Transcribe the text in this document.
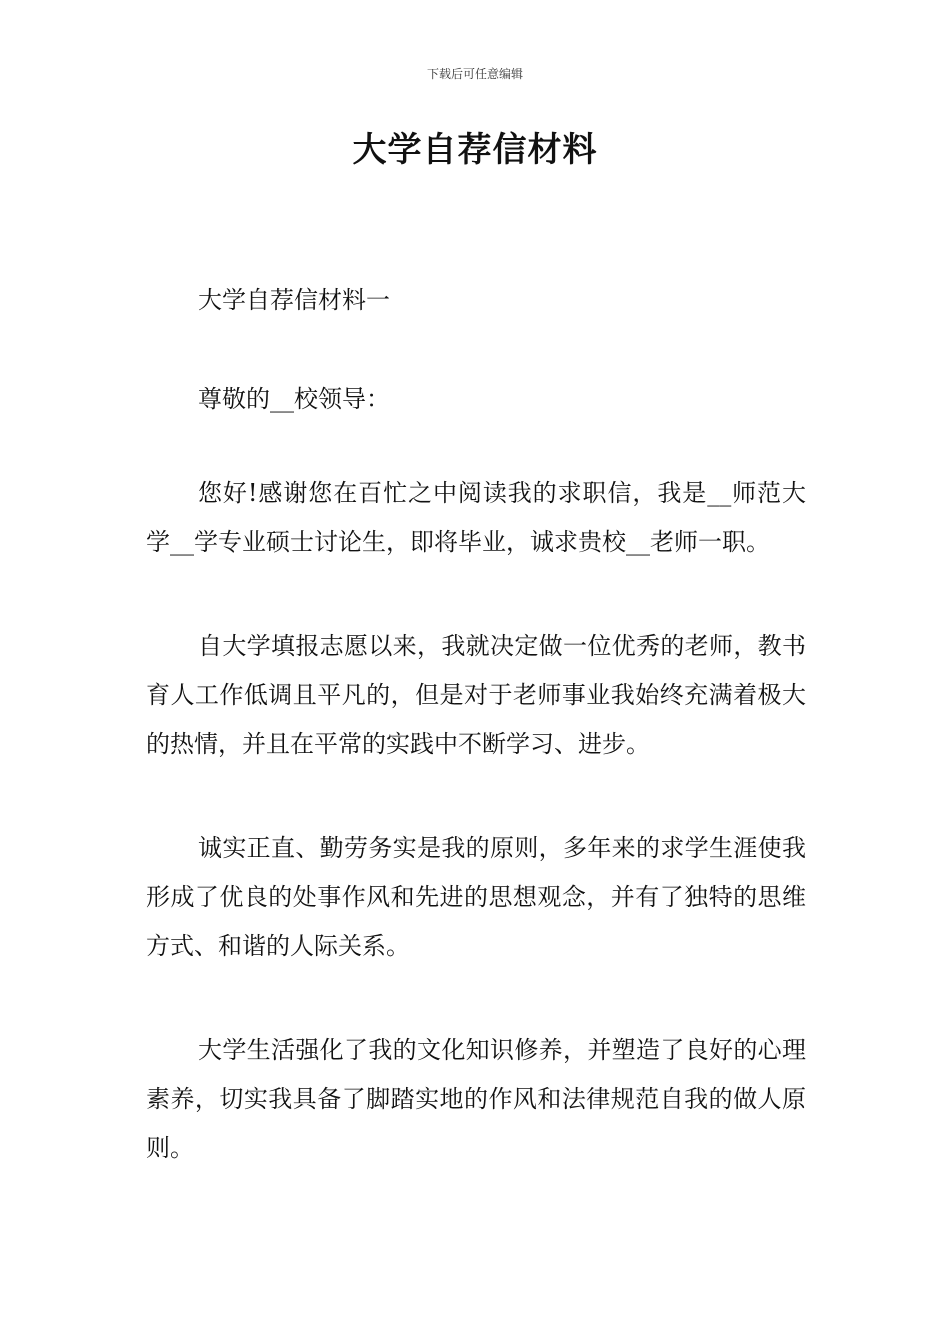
下载后可任意编辑
大学自荐信材料

大学自荐信材料一

尊敬的__校领导：

您好!感谢您在百忙之中阅读我的求职信，我是__师范大学__学专业硕士讨论生，即将毕业，诚求贵校__老师一职。

自大学填报志愿以来，我就决定做一位优秀的老师，教书育人工作低调且平凡的，但是对于老师事业我始终充满着极大的热情，并且在平常的实践中不断学习、进步。

诚实正直、勤劳务实是我的原则，多年来的求学生涯使我形成了优良的处事作风和先进的思想观念，并有了独特的思维方式、和谐的人际关系。

大学生活强化了我的文化知识修养，并塑造了良好的心理素养，切实我具备了脚踏实地的作风和法律规范自我的做人原则。
